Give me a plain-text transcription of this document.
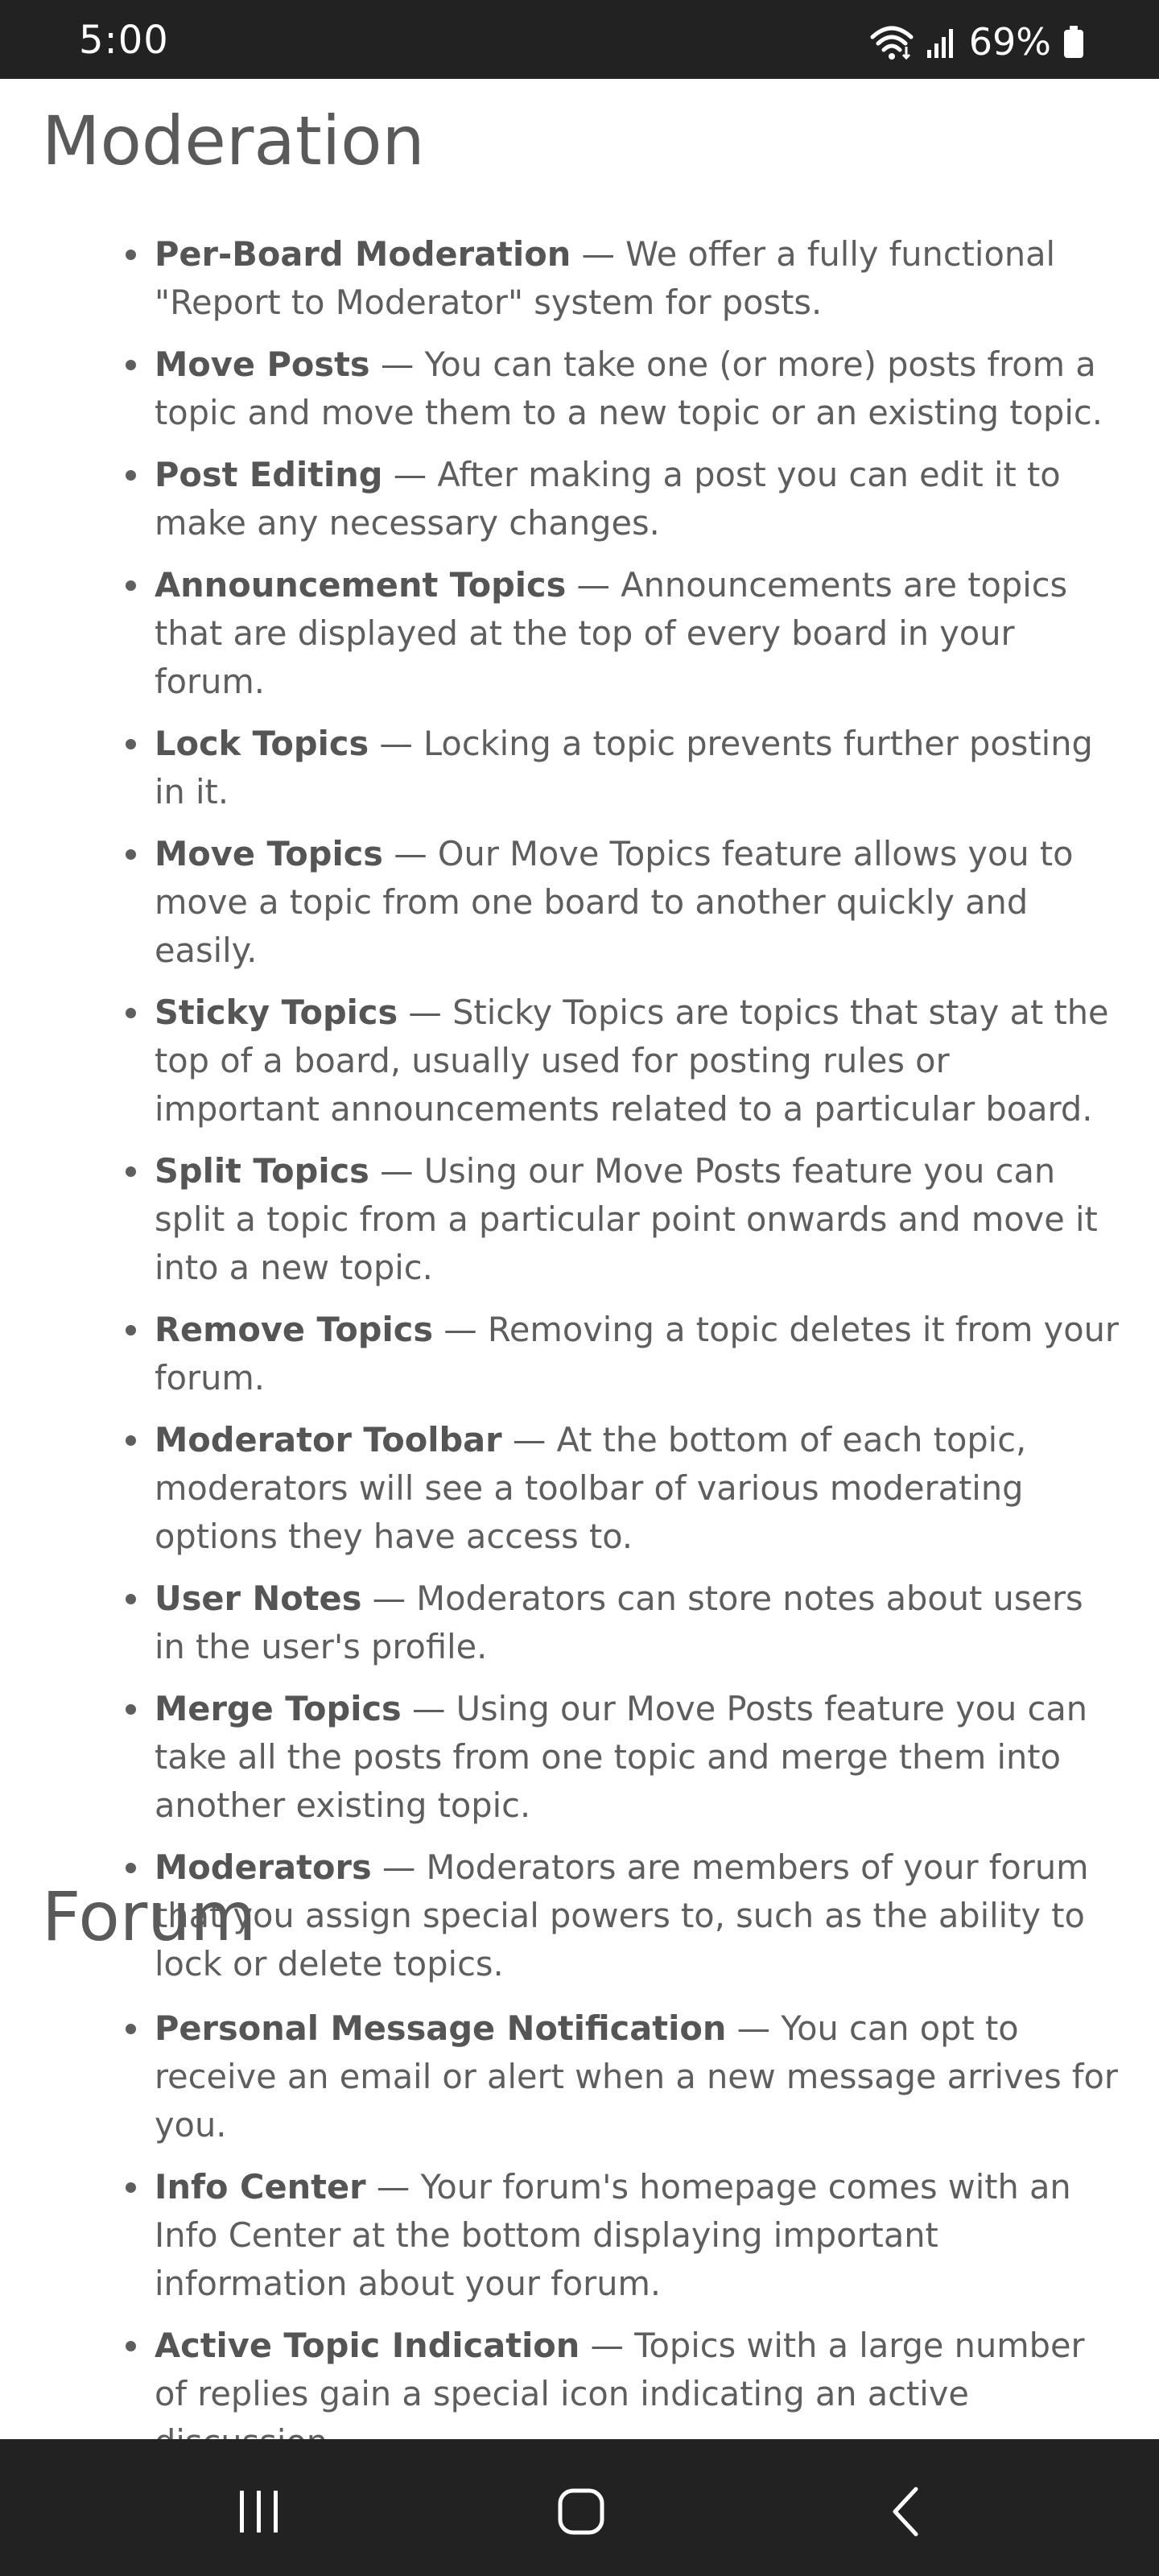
5:00	69%
Moderation
Per-Board Moderation — We offer a fully functional "Report to Moderator" system for posts.
Move Posts — You can take one (or more) posts from a topic and move them to a new topic or an existing topic.
Post Editing — After making a post you can edit it to make any necessary changes.
Announcement Topics — Announcements are topics that are displayed at the top of every board in your forum.
Lock Topics — Locking a topic prevents further posting in it.
Move Topics — Our Move Topics feature allows you to move a topic from one board to another quickly and easily.
Sticky Topics — Sticky Topics are topics that stay at the top of a board, usually used for posting rules or important announcements related to a particular board.
Split Topics — Using our Move Posts feature you can split a topic from a particular point onwards and move it into a new topic.
Remove Topics — Removing a topic deletes it from your forum.
Moderator Toolbar — At the bottom of each topic, moderators will see a toolbar of various moderating options they have access to.
User Notes — Moderators can store notes about users in the user's profile.
Merge Topics — Using our Move Posts feature you can take all the posts from one topic and merge them into another existing topic.
Moderators — Moderators are members of your forum that you assign special powers to, such as the ability to lock or delete topics.
Forum
Personal Message Notification — You can opt to receive an email or alert when a new message arrives for you.
Info Center — Your forum's homepage comes with an Info Center at the bottom displaying important information about your forum.
Active Topic Indication — Topics with a large number of replies gain a special icon indicating an active
